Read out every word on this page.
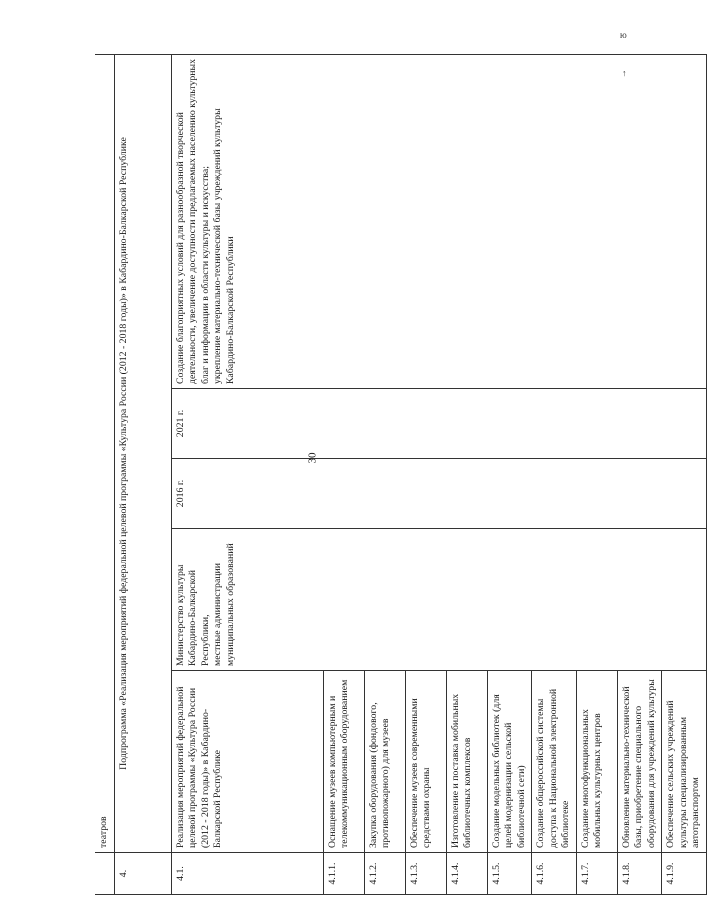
30
ю
↑
	театров				
4.	Подпрограмма «Реализация мероприятий федеральной целевой программы «Культура России (2012 - 2018 годы)» в Кабардино-Балкарской Республике				
4.1.	Реализация мероприятий федеральной целевой программы «Культура России (2012 - 2018 годы)» в Кабардино-Балкарской Республике	Министерство культуры Кабардино-Балкарской Республики,
местные администрации муниципальных образований	2016 г.	2021 г.	Создание благоприятных условий для разнообразной творческой деятельности, увеличение доступности предлагаемых населению культурных благ и информации в области культуры и искусства;
укрепление материально-технической базы учреждений культуры Кабардино-Балкарской Республики
4.1.1.	Оснащение музеев компьютерным и телекоммуникационным оборудованием				
4.1.2.	Закупка оборудования (фондового, противопожарного) для музеев				
4.1.3.	Обеспечение музеев современными средствами охраны				
4.1.4.	Изготовление и поставка мобильных библиотечных комплексов				
4.1.5.	Создание модельных библиотек (для целей модернизации сельской библиотечной сети)				
4.1.6.	Создание общероссийской системы доступа к Национальной электронной библиотеке				
4.1.7.	Создание многофункциональных мобильных культурных центров				
4.1.8.	Обновление материально-технической базы, приобретение специального оборудования для учреждений культуры				
4.1.9.	Обеспечение сельских учреждений культуры специализированным автотранспортом				
